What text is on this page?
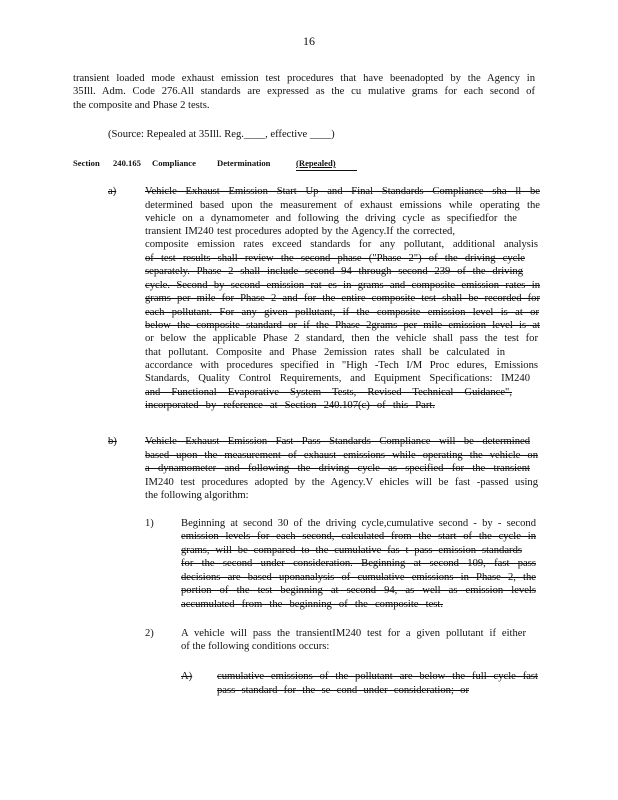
16
transient loaded mode exhaust emission test procedures that have beenadopted by the Agency in
35Ill. Adm. Code 276.All standards are expressed as the cu mulative grams for each second of
the composite and Phase 2 tests.
(Source: Repealed at 35Ill. Reg.____, effective ____)
Section 240.165 Compliance Determination	(Repealed)
a)	Vehicle Exhaust Emission Start Up and Final Standards Compliance sha ll be
determined based upon the measurement of exhaust emissions while operating the
vehicle on a dynamometer and following the driving cycle as specifiedfor the
transient IM240 test procedures adopted by the Agency.If the corrected,
composite emission rates exceed standards for any pollutant, additional analysis
of test results shall review the second phase ("Phase 2") of the driving cycle
separately. Phase 2 shall include second 94 through second 239 of the driving
cycle. Second by second emission rat es in grams and composite emission rates in
grams per mile for Phase 2 and for the entire composite test shall be recorded for
each pollutant. For any given pollutant, if the composite emission level is at or
below the composite standard or if the Phase 2grams per mile emission level is at
or below the applicable Phase 2 standard, then the vehicle shall pass the test for
that pollutant. Composite and Phase 2emission rates shall be calculated in
accordance with procedures specified in "High -Tech I/M Proc edures, Emissions
Standards, Quality Control Requirements, and Equipment Specifications: IM240
and Functional Evaporative System Tests, Revised Technical Guidance",
incorporated by reference at Section 240.107(c) of this Part.
b)	Vehicle Exhaust Emission Fast Pass Standards Compliance will be determined
based upon the measurement of exhaust emissions while operating the vehicle on
a dynamometer and following the driving cycle as specified for the transient
IM240 test procedures adopted by the Agency.V ehicles will be fast -passed using
the following algorithm:
1)	Beginning at second 30 of the driving cycle,cumulative second - by - second
emission levels for each second, calculated from the start of the cycle in
grams, will be compared to the cumulative fas t pass emission standards
for the second under consideration. Beginning at second 109, fast pass
decisions are based uponanalysis of cumulative emissions in Phase 2, the
portion of the test beginning at second 94, as well as emission levels
accumulated from the beginning of the composite test.
2)	A vehicle will pass the transientIM240 test for a given pollutant if either
of the following conditions occurs:
A) cumulative emissions of the pollutant are below the full cycle fast
pass standard for the se cond under consideration; or
